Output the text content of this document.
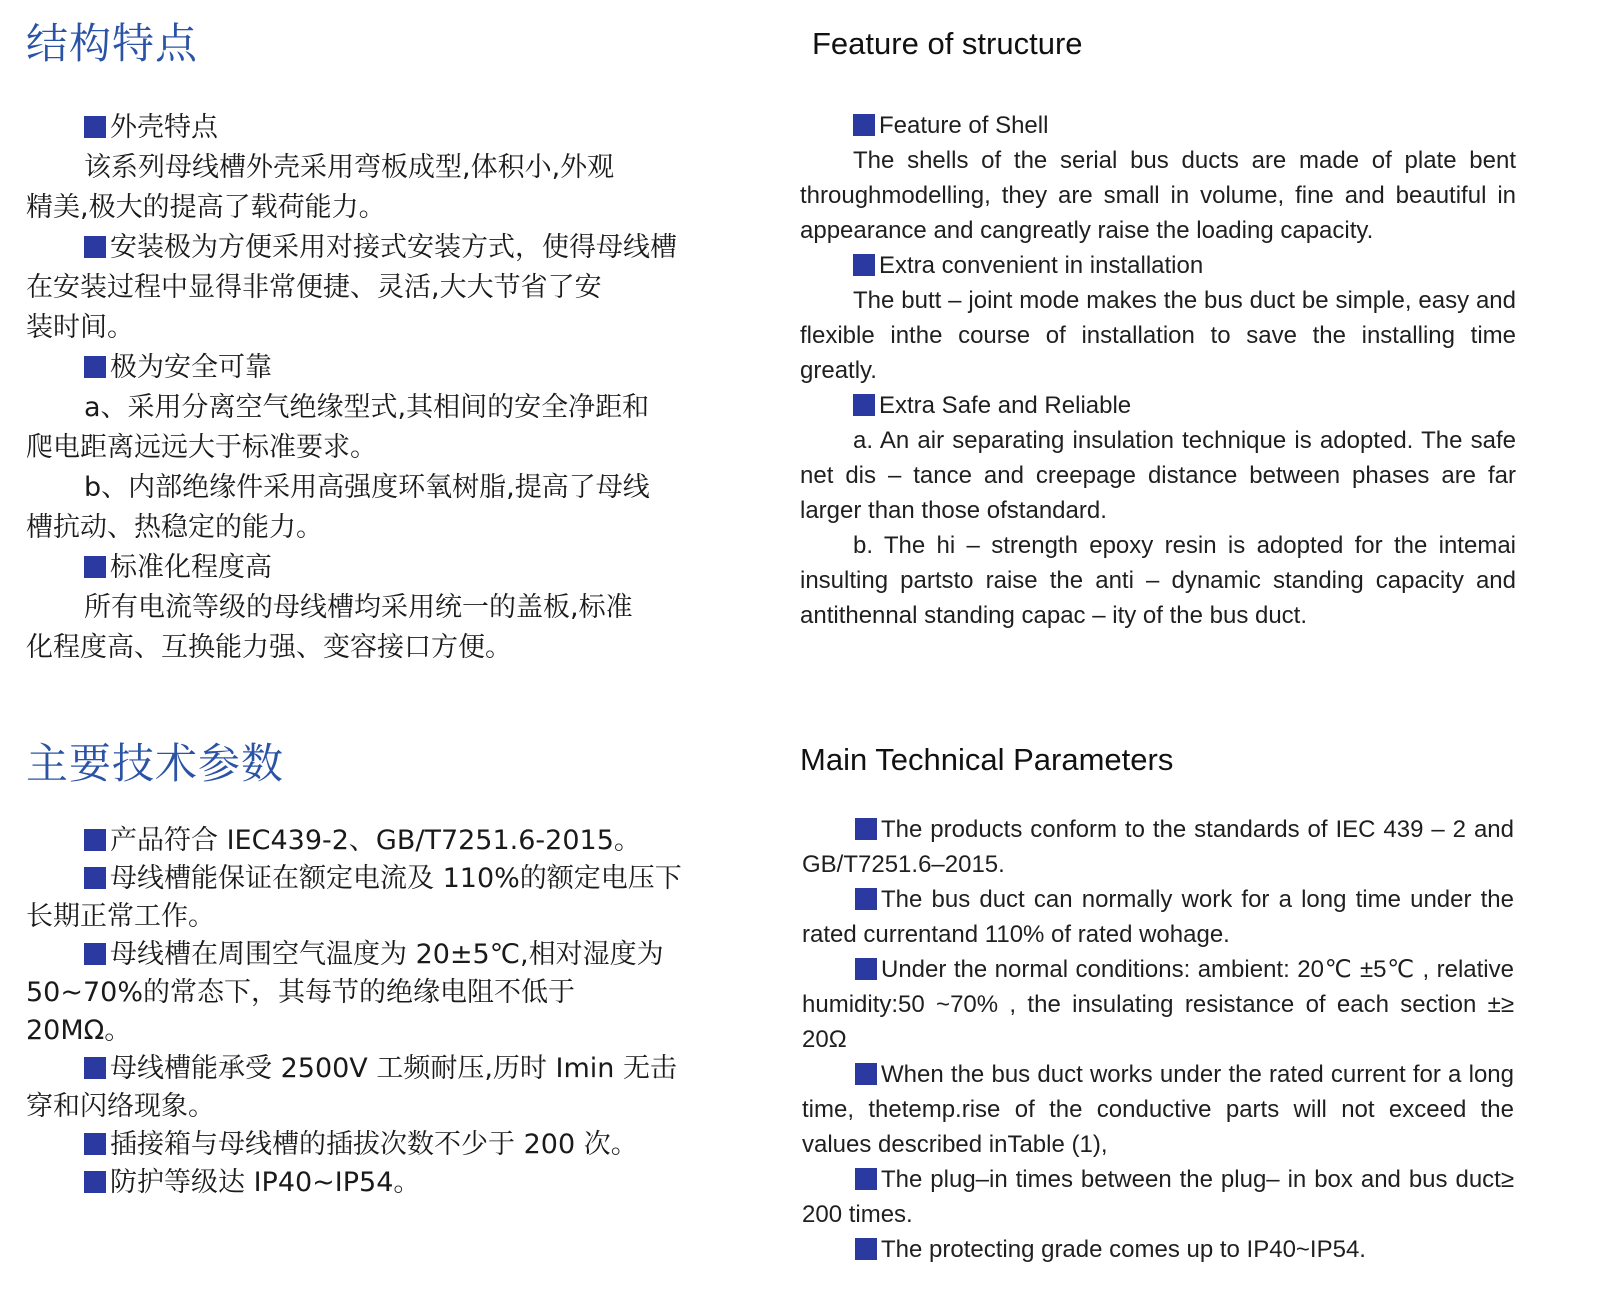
结构特点

外壳特点

该系列母线槽外壳采用弯板成型,体积小,外观

精美,极大的提高了载荷能力。

安装极为方便采用对接式安装方式，使得母线槽

在安装过程中显得非常便捷、灵活,大大节省了安

装时间。

极为安全可靠

a、采用分离空气绝缘型式,其相间的安全净距和

爬电距离远远大于标准要求。

b、内部绝缘件采用高强度环氧树脂,提高了母线

槽抗动、热稳定的能力。

标准化程度高

所有电流等级的母线槽均采用统一的盖板,标准

化程度高、互换能力强、变容接口方便。

主要技术参数

产品符合 IEC439-2、GB/T7251.6-2015。

母线槽能保证在额定电流及 110%的额定电压下

长期正常工作。

母线槽在周围空气温度为 20±5℃,相对湿度为

50~70%的常态下，其每节的绝缘电阻不低于

20MΩ。

母线槽能承受 2500V 工频耐压,历时 Imin 无击

穿和闪络现象。

插接箱与母线槽的插拔次数不少于 200 次。

防护等级达 IP40~IP54。

Feature of structure

Feature of Shell

The shells of the serial bus ducts are made of plate bent throughmodelling, they are small in volume, fine and beautiful in appearance and cangreatly raise the loading capacity.

Extra convenient in installation

The butt – joint mode makes the bus duct be simple, easy and flexible inthe course of installation to save the installing time greatly.

Extra Safe and Reliable

a. An air separating insulation technique is adopted. The safe net dis – tance and creepage distance between phases are far larger than those ofstandard.

b. The hi – strength epoxy resin is adopted for the intemai insulting partsto raise the anti – dynamic standing capacity and antithennal standing capac – ity of the bus duct.

Main Technical Parameters

The products conform to the standards of IEC 439 – 2 and GB/T7251.6–2015.

The bus duct can normally work for a long time under the rated currentand 110% of rated wohage.

Under the normal conditions: ambient: 20℃ ±5℃ , relative humidity:50 ~70% , the insulating resistance of each section ±≥ 20Ω

When the bus duct works under the rated current for a long time, thetemp.rise of the conductive parts will not exceed the values described inTable (1),

The plug–in times between the plug– in box and bus duct≥ 200 times.

The protecting grade comes up to IP40~IP54.
